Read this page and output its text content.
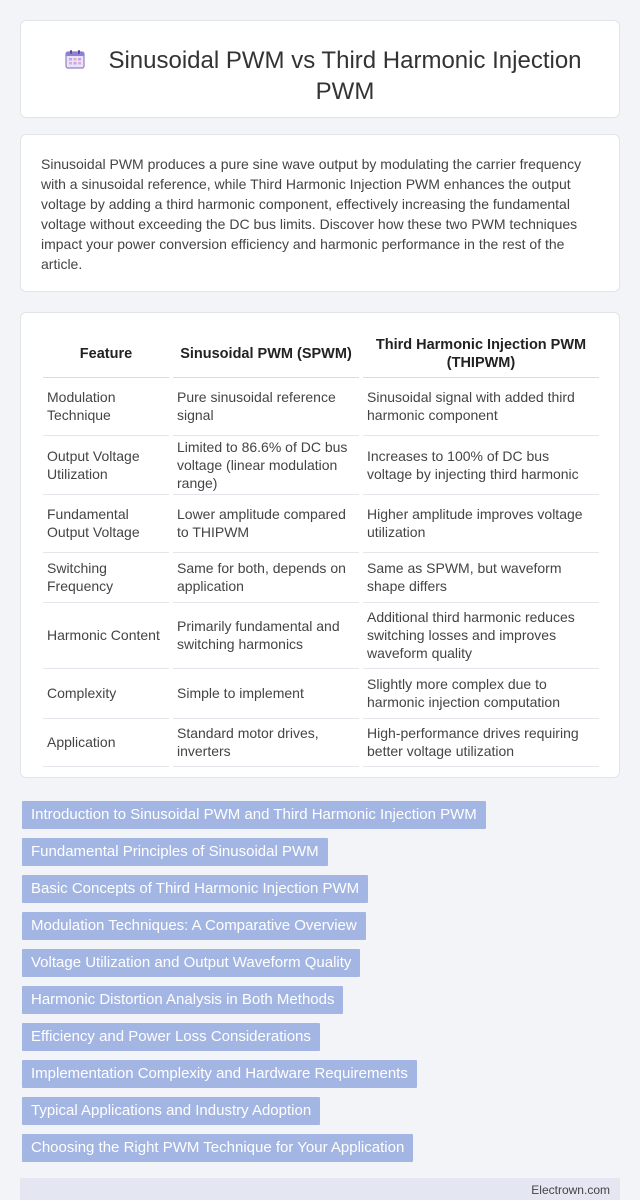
Sinusoidal PWM vs Third Harmonic Injection PWM

Sinusoidal PWM produces a pure sine wave output by modulating the carrier frequency with a sinusoidal reference, while Third Harmonic Injection PWM enhances the output voltage by adding a third harmonic component, effectively increasing the fundamental voltage without exceeding the DC bus limits. Discover how these two PWM techniques impact your power conversion efficiency and harmonic performance in the rest of the article.

Feature	Sinusoidal PWM (SPWM)	Third Harmonic Injection PWM (THIPWM)
Modulation Technique	Pure sinusoidal reference signal	Sinusoidal signal with added third harmonic component
Output Voltage Utilization	Limited to 86.6% of DC bus voltage (linear modulation range)	Increases to 100% of DC bus voltage by injecting third harmonic
Fundamental Output Voltage	Lower amplitude compared to THIPWM	Higher amplitude improves voltage utilization
Switching Frequency	Same for both, depends on application	Same as SPWM, but waveform shape differs
Harmonic Content	Primarily fundamental and switching harmonics	Additional third harmonic reduces switching losses and improves waveform quality
Complexity	Simple to implement	Slightly more complex due to harmonic injection computation
Application	Standard motor drives, inverters	High-performance drives requiring better voltage utilization
Introduction to Sinusoidal PWM and Third Harmonic Injection PWM
Fundamental Principles of Sinusoidal PWM
Basic Concepts of Third Harmonic Injection PWM
Modulation Techniques: A Comparative Overview
Voltage Utilization and Output Waveform Quality
Harmonic Distortion Analysis in Both Methods
Efficiency and Power Loss Considerations
Implementation Complexity and Hardware Requirements
Typical Applications and Industry Adoption
Choosing the Right PWM Technique for Your Application
Electrown.com
